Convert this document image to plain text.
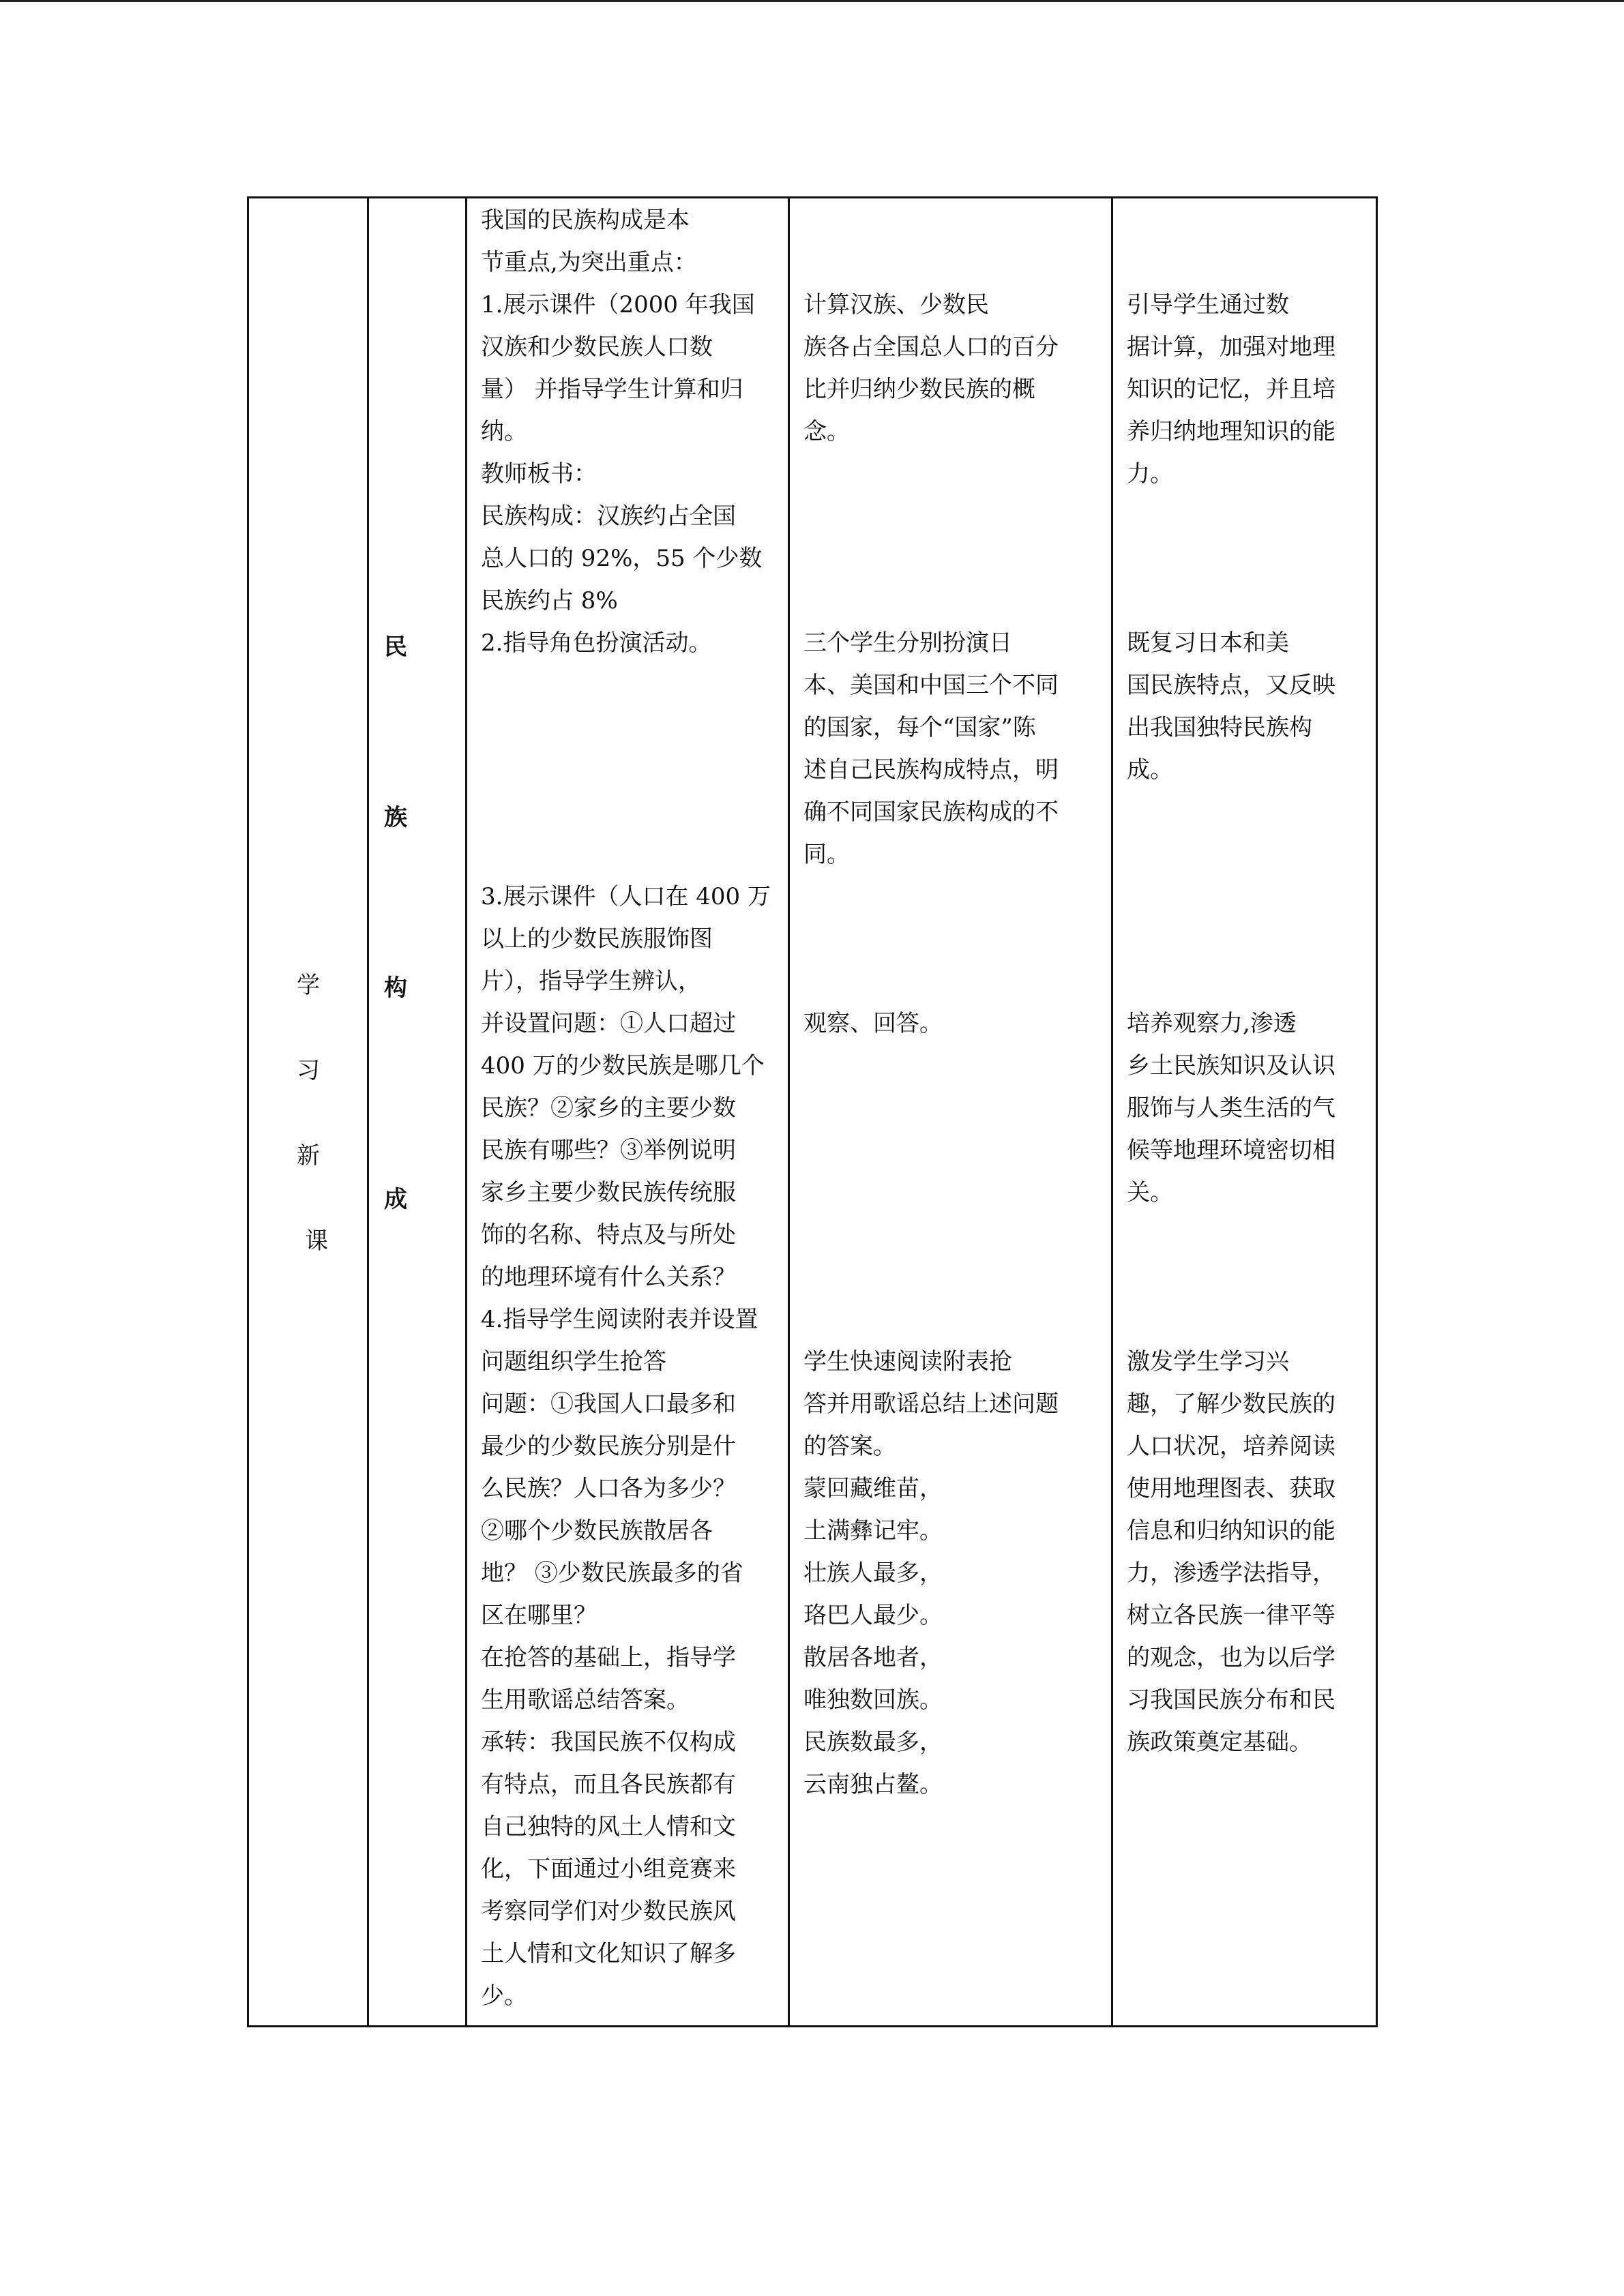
学
习
新
课
民
族
构
成
我国的民族构成是本
节重点,为突出重点：
1.展示课件（2000 年我国
汉族和少数民族人口数
量） 并指导学生计算和归
纳。
教师板书：
民族构成：汉族约占全国
总人口的 92%，55 个少数
民族约占 8%
2.指导角色扮演活动。
3.展示课件（人口在 400 万
以上的少数民族服饰图
片），指导学生辨认，
并设置问题：①人口超过
400 万的少数民族是哪几个
民族？②家乡的主要少数
民族有哪些？③举例说明
家乡主要少数民族传统服
饰的名称、特点及与所处
的地理环境有什么关系？
4.指导学生阅读附表并设置
问题组织学生抢答
问题：①我国人口最多和
最少的少数民族分别是什
么民族？人口各为多少？
②哪个少数民族散居各
地？ ③少数民族最多的省
区在哪里？
在抢答的基础上，指导学
生用歌谣总结答案。
承转：我国民族不仅构成
有特点，而且各民族都有
自己独特的风土人情和文
化，下面通过小组竞赛来
考察同学们对少数民族风
土人情和文化知识了解多
少。
计算汉族、少数民
族各占全国总人口的百分
比并归纳少数民族的概
念。
三个学生分别扮演日
本、美国和中国三个不同
的国家，每个“国家”陈
述自己民族构成特点，明
确不同国家民族构成的不
同。
观察、回答。
学生快速阅读附表抢
答并用歌谣总结上述问题
的答案。
蒙回藏维苗，
土满彝记牢。
壮族人最多，
珞巴人最少。
散居各地者，
唯独数回族。
民族数最多，
云南独占鳌。
引导学生通过数
据计算，加强对地理
知识的记忆，并且培
养归纳地理知识的能
力。
既复习日本和美
国民族特点，又反映
出我国独特民族构
成。
培养观察力,渗透
乡土民族知识及认识
服饰与人类生活的气
候等地理环境密切相
关。
激发学生学习兴
趣，了解少数民族的
人口状况，培养阅读
使用地理图表、获取
信息和归纳知识的能
力，渗透学法指导，
树立各民族一律平等
的观念，也为以后学
习我国民族分布和民
族政策奠定基础。
